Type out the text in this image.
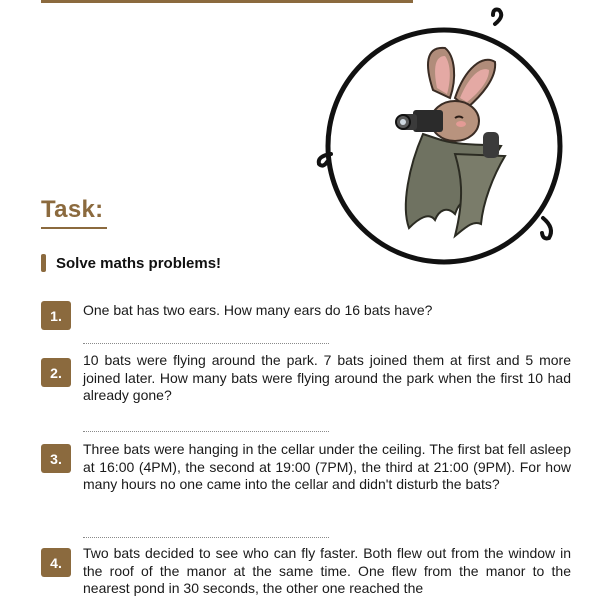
Task:
Solve maths problems!
1.	One bat has two ears. How many ears do 16 bats have?
2.
10 bats were flying around the park. 7 bats joined them at first and 5 more joined later. How many bats were flying around the park when the first 10 had already gone?
3.
Three bats were hanging in the cellar under the ceiling. The first bat fell asleep at 16:00 (4PM), the second at 19:00 (7PM), the third at 21:00 (9PM). For how many hours no one came into the cellar and didn't disturb the bats?
4.
Two bats decided to see who can fly faster. Both flew out from the window in the roof of the manor at the same time. One flew from the manor to the nearest pond in 30 seconds, the other one reached the
